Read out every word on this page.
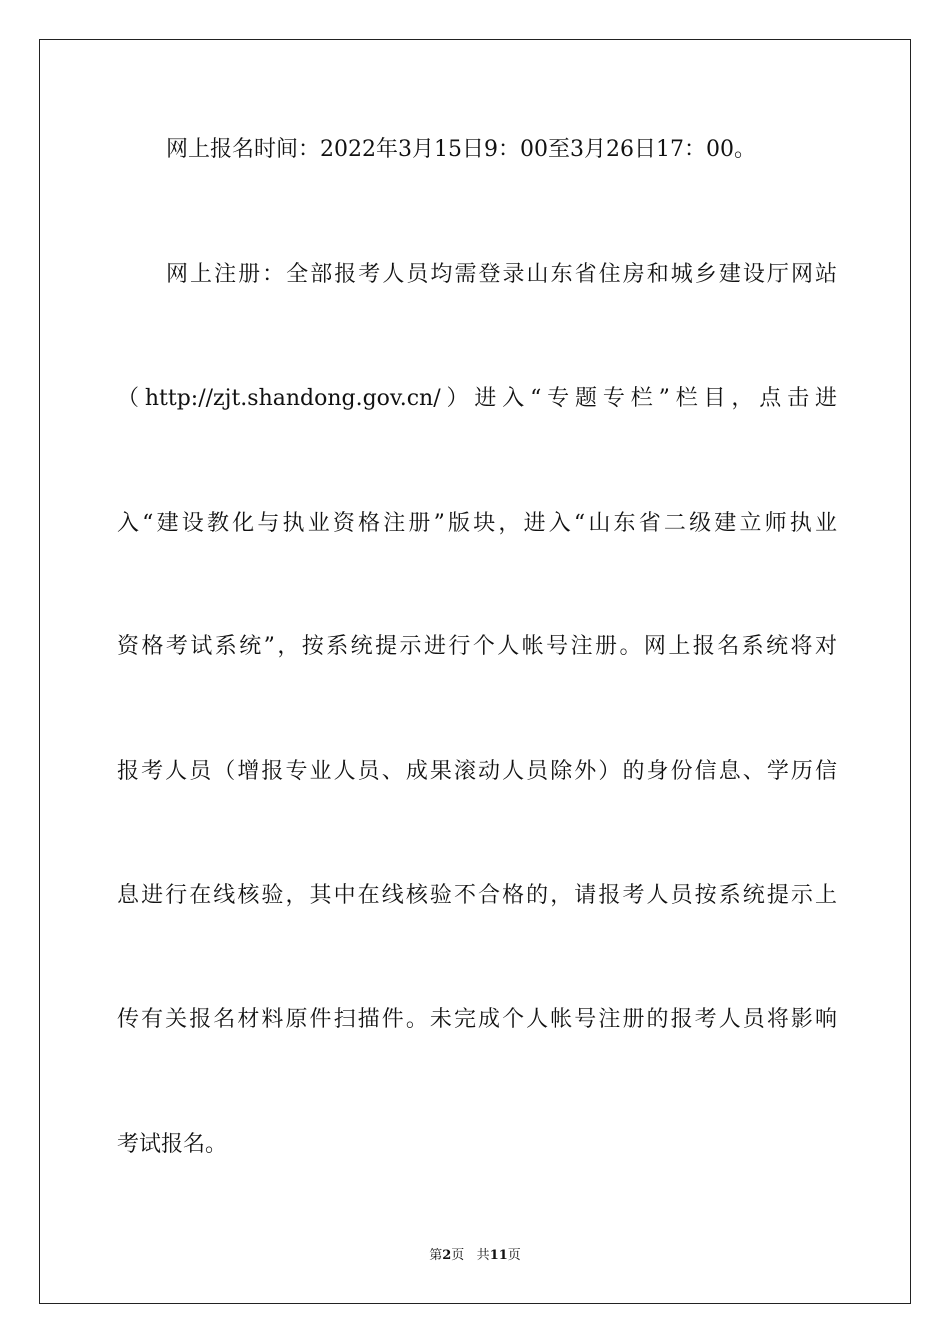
网上报名时间：2022年3月15日9：00至3月26日17：00。
网上注册：全部报考人员均需登录山东省住房和城乡建设厅网站
（http://zjt.shandong.gov.cn/）进入“专题专栏”栏目，点击进
入“建设教化与执业资格注册”版块，进入“山东省二级建立师执业
资格考试系统”，按系统提示进行个人帐号注册。网上报名系统将对
报考人员（增报专业人员、成果滚动人员除外）的身份信息、学历信
息进行在线核验，其中在线核验不合格的，请报考人员按系统提示上
传有关报名材料原件扫描件。未完成个人帐号注册的报考人员将影响
考试报名。
第2页 共11页
